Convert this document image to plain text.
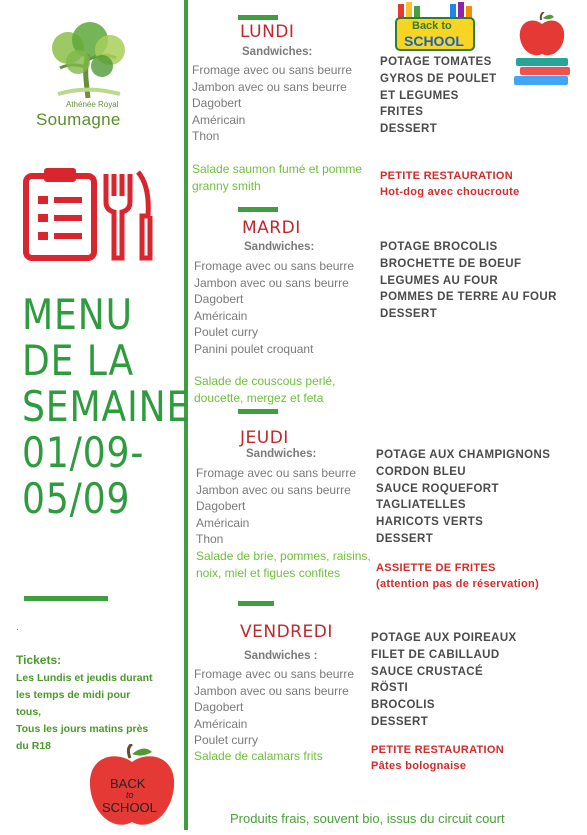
Athénée Royal
Soumagne
MENU
DE LA
SEMAINE
01/09-
05/09
.
Tickets:
Les Lundis et jeudis durant
les temps de midi pour
tous,
Tous les jours matins près
du R18
BACK
to
SCHOOL
Back to
SCHOOL
LUNDI
Sandwiches:
Fromage avec ou sans beurre
Jambon avec ou sans beurre
Dagobert
Américain
Thon
Salade saumon fumé et pomme
granny smith
POTAGE TOMATES
GYROS DE POULET
ET LEGUMES
FRITES
DESSERT
PETITE RESTAURATION
Hot-dog avec choucroute
MARDI
Sandwiches:
Fromage avec ou sans beurre
Jambon avec ou sans beurre
Dagobert
Américain
Poulet curry
Panini poulet croquant
Salade de couscous perlé,
doucette, mergez et feta
POTAGE BROCOLIS
BROCHETTE DE BOEUF
LEGUMES AU FOUR
POMMES DE TERRE AU FOUR
DESSERT
JEUDI
Sandwiches:
Fromage avec ou sans beurre
Jambon avec ou sans beurre
Dagobert
Américain
Thon
Salade de brie, pommes, raisins,
noix, miel et figues confites
POTAGE AUX CHAMPIGNONS
CORDON BLEU
SAUCE ROQUEFORT
TAGLIATELLES
HARICOTS VERTS
DESSERT
ASSIETTE DE FRITES
(attention pas de réservation)
VENDREDI
Sandwiches :
Fromage avec ou sans beurre
Jambon avec ou sans beurre
Dagobert
Américain
Poulet curry
Salade de calamars frits
POTAGE AUX POIREAUX
FILET DE CABILLAUD
SAUCE CRUSTACÉ
RÖSTI
BROCOLIS
DESSERT
PETITE RESTAURATION
Pâtes bolognaise
Produits frais, souvent bio, issus du circuit court
